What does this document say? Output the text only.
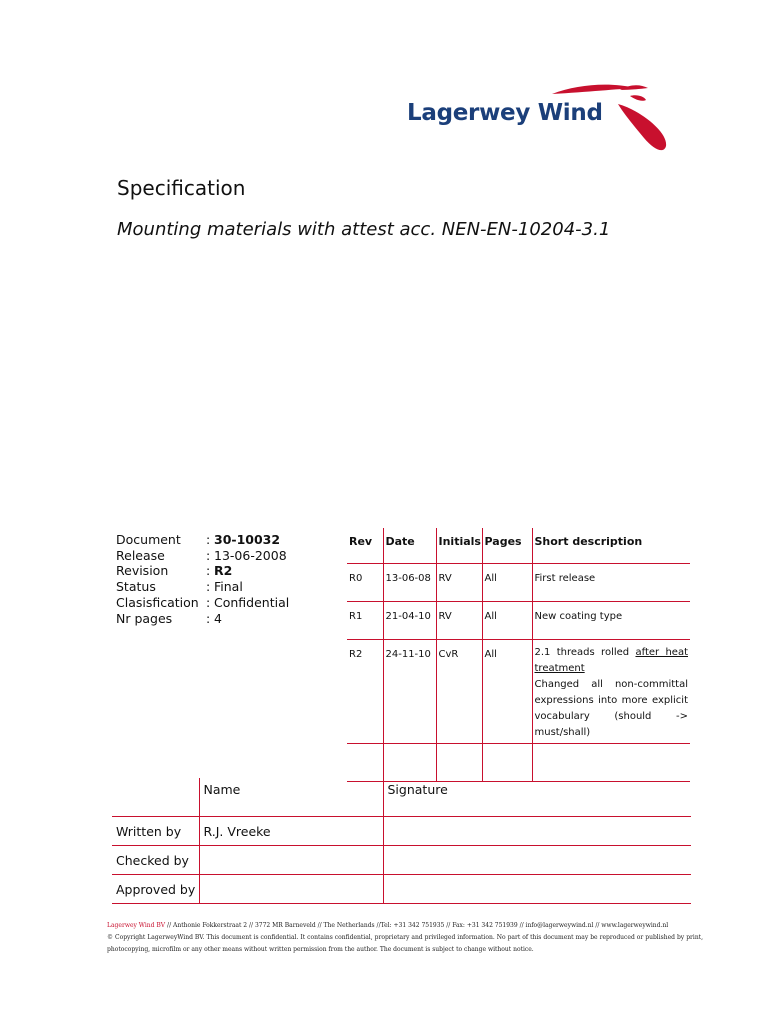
Lagerwey Wind
Specification
Mounting materials with attest acc. NEN-EN-10204-3.1
Document	: 30-10032
Release	: 13-06-2008
Revision	: R2
Status	: Final
Clasisfication : Confidential
Nr pages	: 4
Rev	Date	Initials	Pages	Short description
R0	13-06-08	RV	All	First release
R1	21-04-10	RV	All	New coating type
R2	24-11-10	CvR	All	2.1 threads rolled after heat treatment
Changed all non-committal expressions into more explicit vocabulary (should -> must/shall)

	Name	Signature
Written by	R.J. Vreeke	
Checked by		
Approved by		
Lagerwey Wind BV // Anthonie Fokkerstraat 2 // 3772 MR Barneveld // The Netherlands //Tel: +31 342 751935 // Fax: +31 342 751939 // info@lagerweywind.nl // www.lagerweywind.nl
© Copyright LagerweyWind BV. This document is confidential. It contains confidential, proprietary and privileged information. No part of this document may be reproduced or published by print, photocopying, microfilm or any other means without written permission from the author. The document is subject to change without notice.
